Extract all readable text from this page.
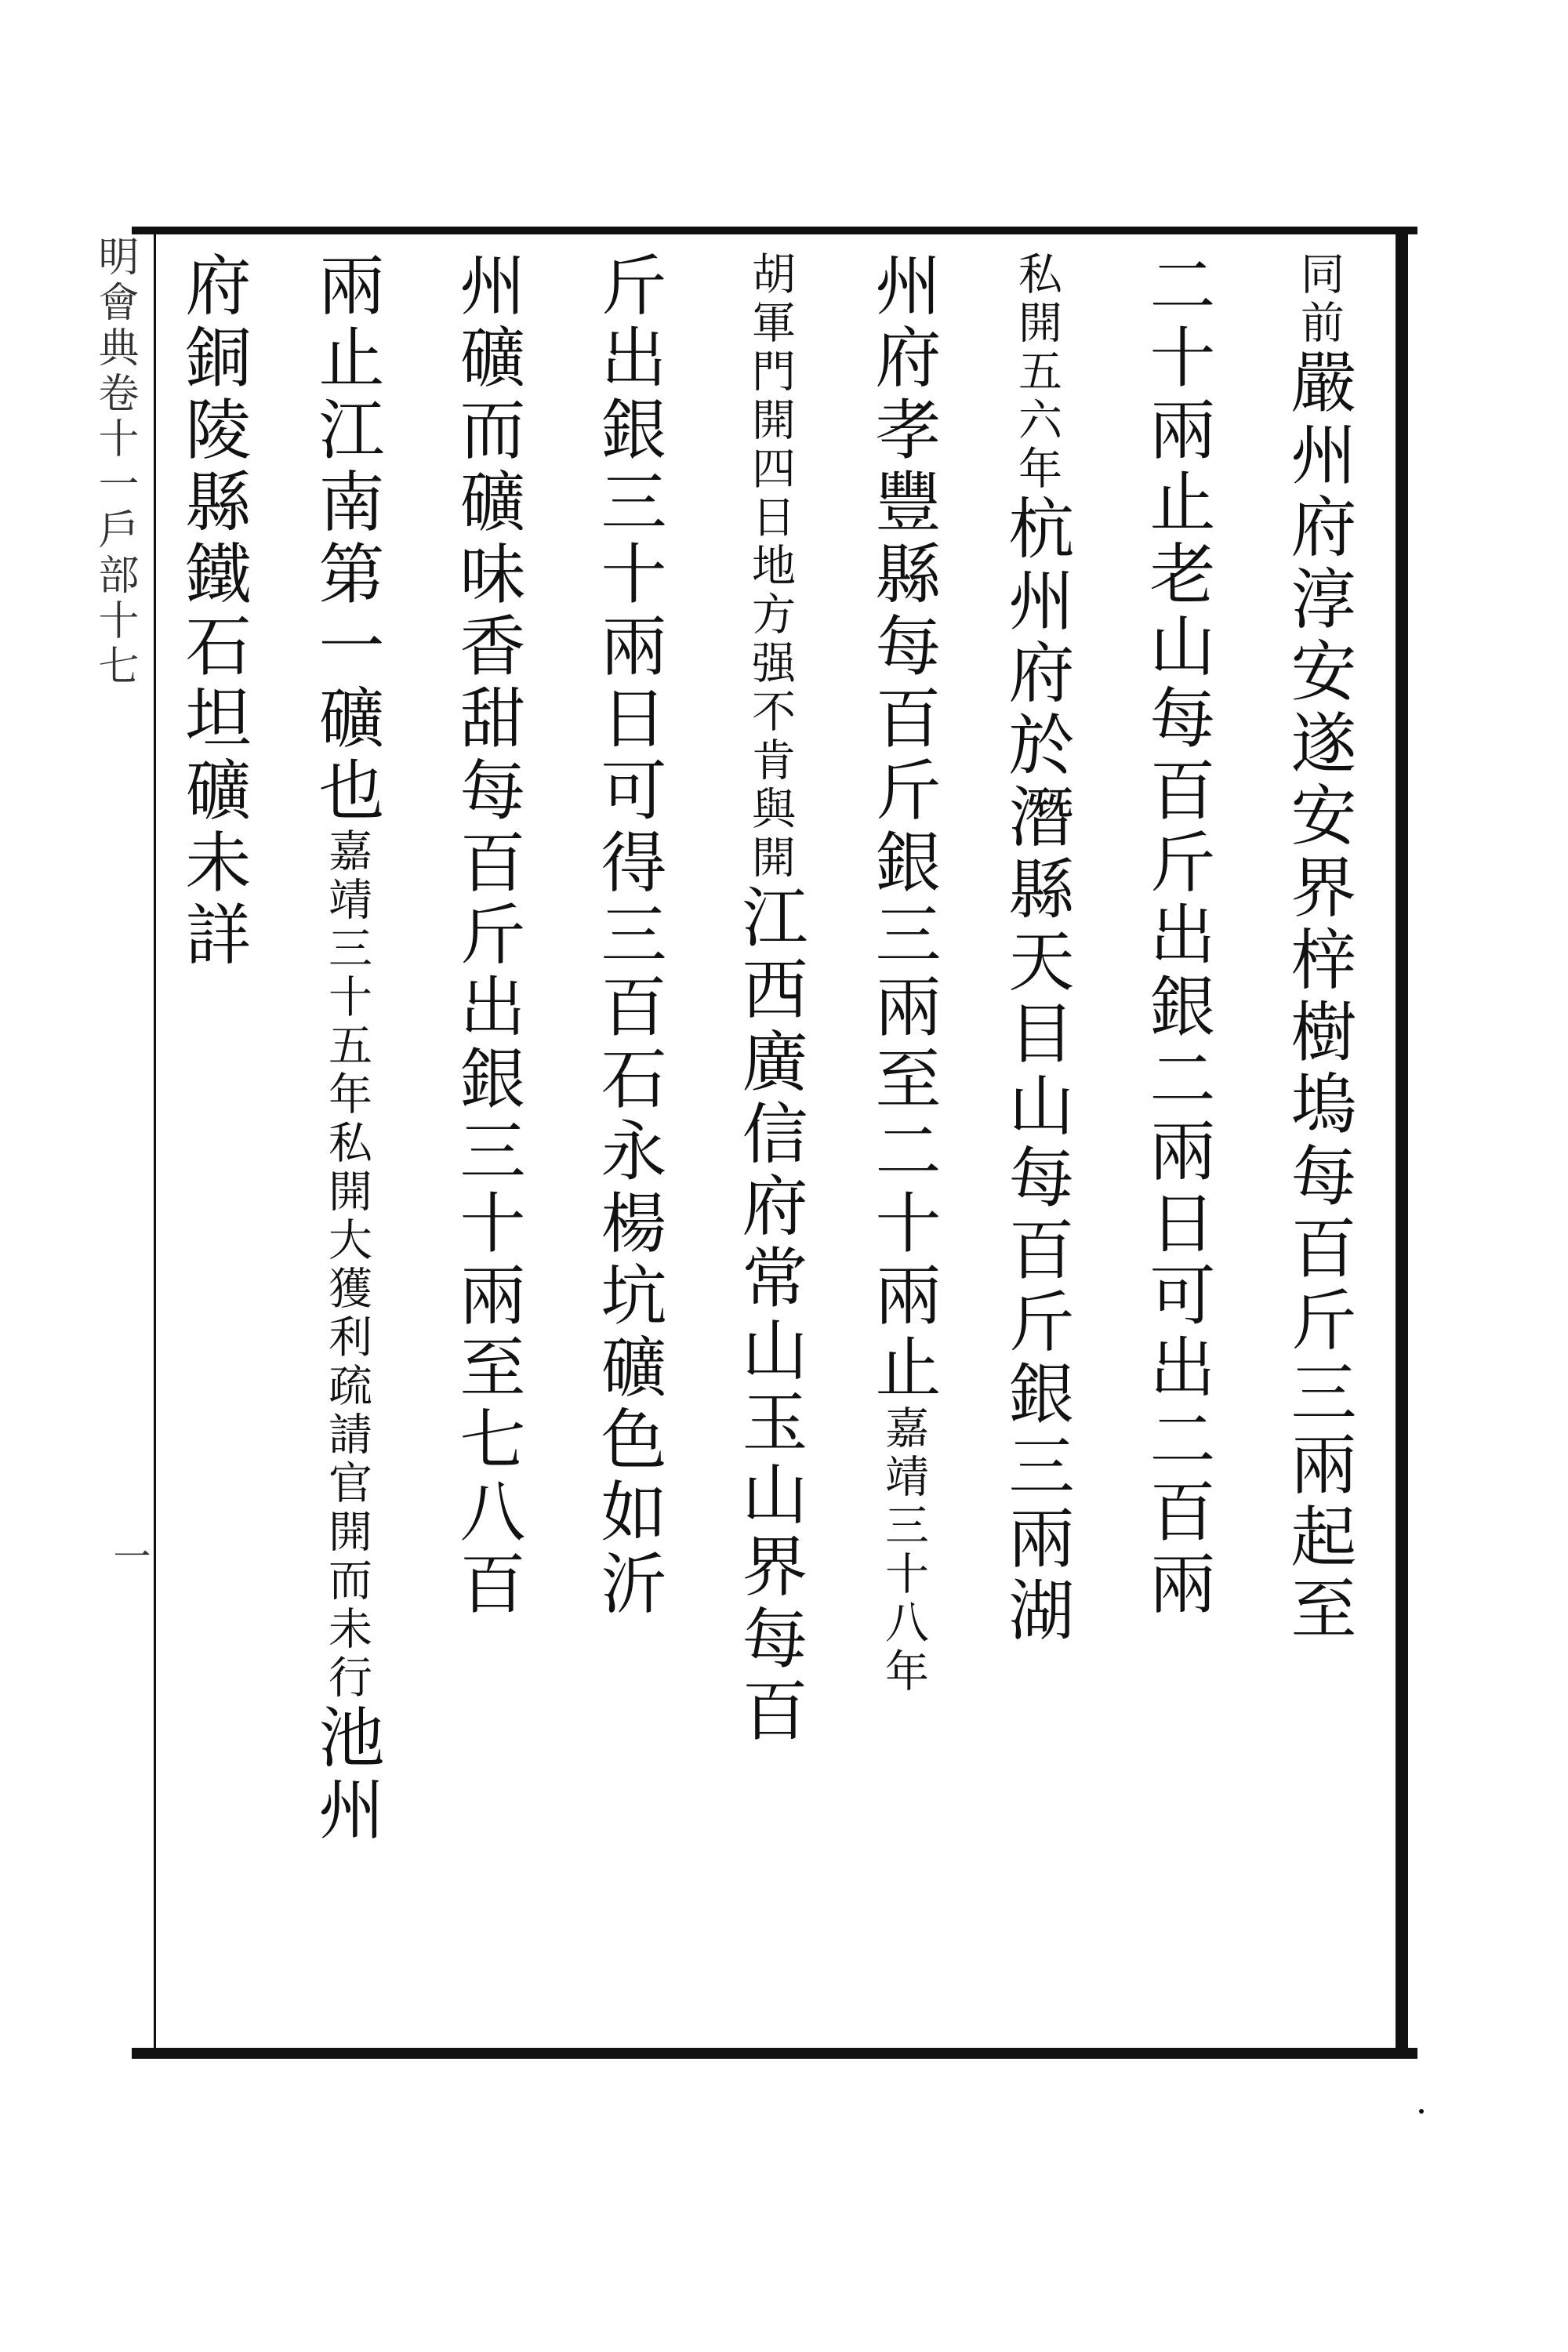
明會典卷十一戶部十七
一
同前嚴州府淳安遂安界梓樹塢每百斤三兩起至
二十兩止老山每百斤出銀二兩日可出二百兩
私開五六年杭州府於潛縣天目山每百斤銀三兩湖
州府孝豐縣每百斤銀三兩至二十兩止嘉靖三十八年
胡軍門開四日地方强不肯與開江西廣信府常山玉山界每百
斤出銀三十兩日可得三百石永楊坑礦色如沂
州礦而礦味香甜每百斤出銀三十兩至七八百
兩止江南第一礦也嘉靖三十五年私開大獲利疏請官開而未行池州
府銅陵縣鐵石坦礦未詳
